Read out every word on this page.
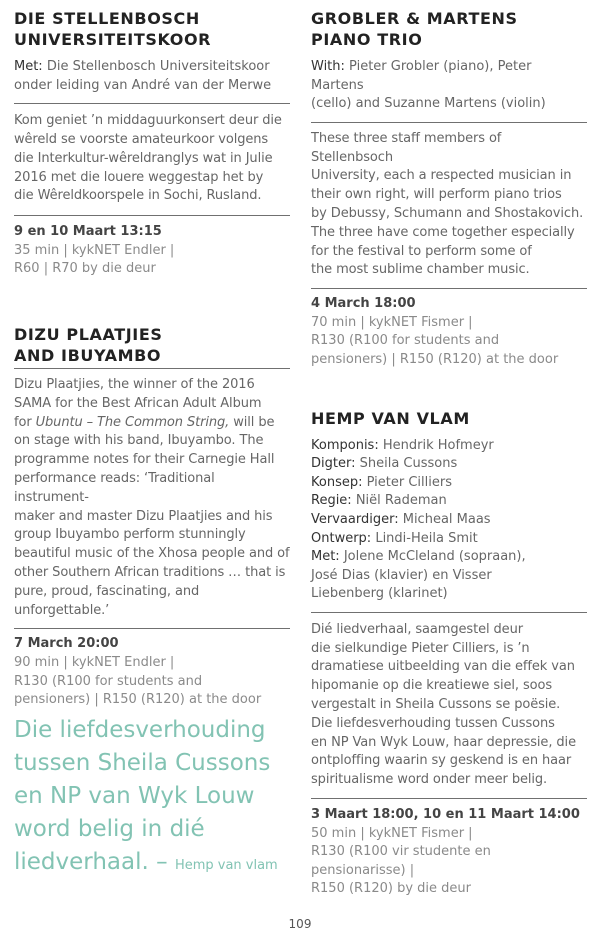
DIE STELLENBOSCH
UNIVERSITEITSKOOR

Met: Die Stellenbosch Universiteitskoor
onder leiding van André van der Merwe

Kom geniet ’n middaguurkonsert deur die
wêreld se voorste amateurkoor volgens
die Interkultur-wêreldranglys wat in Julie
2016 met die louere weggestap het by
die Wêreldkoorspele in Sochi, Rusland.

9 en 10 Maart 13:15

35 min | kykNET Endler |
R60 | R70 by die deur

DIZU PLAATJIES
AND IBUYAMBO

Dizu Plaatjies, the winner of the 2016
SAMA for the Best African Adult Album
for Ubuntu – The Common String, will be
on stage with his band, Ibuyambo. The
programme notes for their Carnegie Hall
performance reads: ‘Traditional instrument-
maker and master Dizu Plaatjies and his
group Ibuyambo perform stunningly
beautiful music of the Xhosa people and of
other Southern African traditions … that is
pure, proud, fascinating, and unforgettable.’

7 March 20:00

90 min | kykNET Endler |
R130 (R100 for students and
pensioners) | R150 (R120) at the door

Die liefdesverhouding
tussen Sheila Cussons
en NP van Wyk Louw
word belig in dié
liedverhaal. – Hemp van vlam

GROBLER & MARTENS
PIANO TRIO

With: Pieter Grobler (piano), Peter Martens
(cello) and Suzanne Martens (violin)

These three staff members of Stellenbsoch
University, each a respected musician in
their own right, will perform piano trios
by Debussy, Schumann and Shostakovich.
The three have come together especially
for the festival to perform some of
the most sublime chamber music.

4 March 18:00

70 min | kykNET Fismer |
R130 (R100 for students and
pensioners) | R150 (R120) at the door

HEMP VAN VLAM

Komponis: Hendrik Hofmeyr
Digter: Sheila Cussons
Konsep: Pieter Cilliers
Regie: Niël Rademan
Vervaardiger: Micheal Maas
Ontwerp: Lindi-Heila Smit
Met: Jolene McCleland (sopraan),
José Dias (klavier) en Visser
Liebenberg (klarinet)

Dié liedverhaal, saamgestel deur
die sielkundige Pieter Cilliers, is ’n
dramatiese uitbeelding van die effek van
hipomanie op die kreatiewe siel, soos
vergestalt in Sheila Cussons se poësie.
Die liefdesverhouding tussen Cussons
en NP Van Wyk Louw, haar depressie, die
ontploffing waarin sy geskend is en haar
spiritualisme word onder meer belig.

3 Maart 18:00, 10 en 11 Maart 14:00

50 min | kykNET Fismer |
R130 (R100 vir studente en pensionarisse) |
R150 (R120) by die deur

109
